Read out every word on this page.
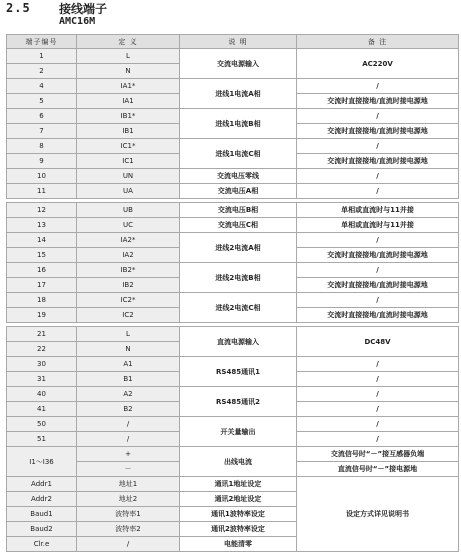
2.5 接线端子
AMC16M
端子编号	定 义	说 明	备 注
1	L	交流电源输入	AC220V
2	N		
4	IA1*	进线1电流A相	/
5	IA1		交流时直接接地/直流时接电源地
6	IB1*	进线1电流B相	/
7	IB1		交流时直接接地/直流时接电源地
8	IC1*	进线1电流C相	/
9	IC1		交流时直接接地/直流时接电源地
10	UN	交流电压零线	/
11	UA	交流电压A相	/

12	UB	交流电压B相	单相或直流时与11并接
13	UC	交流电压C相	单相或直流时与11并接
14	IA2*	进线2电流A相	/
15	IA2		交流时直接接地/直流时接电源地
16	IB2*	进线2电流B相	/
17	IB2		交流时直接接地/直流时接电源地
18	IC2*	进线2电流C相	/
19	IC2		交流时直接接地/直流时接电源地

21	L	直流电源输入	DC48V
22	N		
30	A1	RS485通讯1	/
31	B1		/
40	A2	RS485通讯2	/
41	B2		/
50	/	开关量输出	/
51	/		/
I1～I36	+	出线电流	交流信号时“－”接互感器负端
	－		直流信号时“－”接电源地
Addr1	地址1	通讯1地址设定	设定方式详见说明书
Addr2	地址2	通讯2地址设定	
Baud1	波特率1	通讯1波特率设定	
Baud2	波特率2	通讯2波特率设定	
Clr.e	/	电能清零	
